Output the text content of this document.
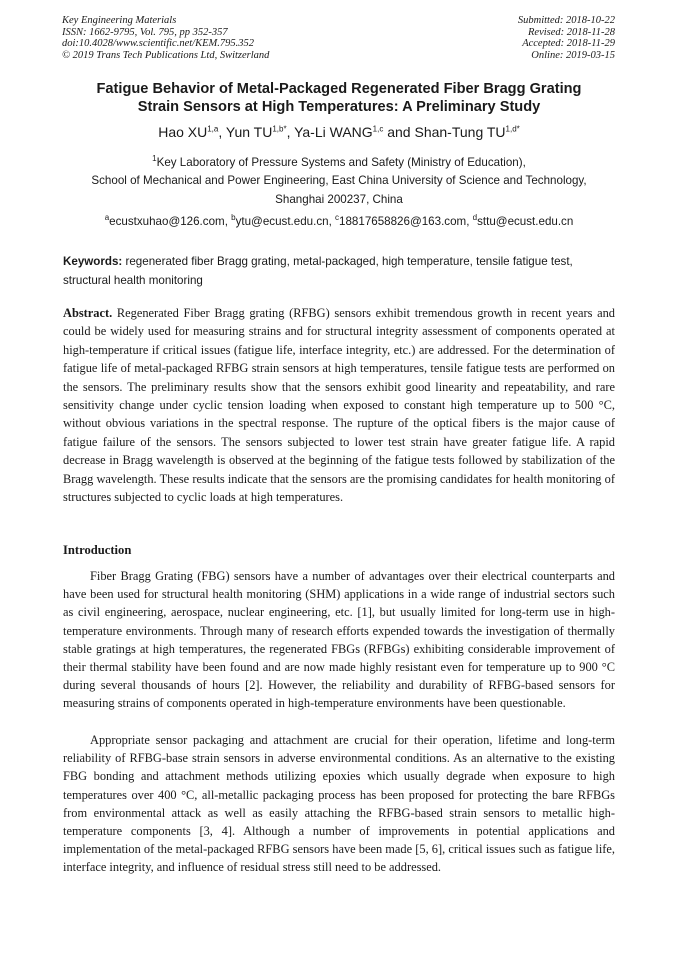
Key Engineering Materials
ISSN: 1662-9795, Vol. 795, pp 352-357
doi:10.4028/www.scientific.net/KEM.795.352
© 2019 Trans Tech Publications Ltd, Switzerland
Submitted: 2018-10-22
Revised: 2018-11-28
Accepted: 2018-11-29
Online: 2019-03-15
Fatigue Behavior of Metal-Packaged Regenerated Fiber Bragg Grating
Strain Sensors at High Temperatures: A Preliminary Study
Hao XU$^{1,a}$, Yun $TU^{1,b*}$, Ya-Li WANG$^{1,c}$ and Shan-Tung $TU^{1,d*}$
$^1$Key Laboratory of Pressure Systems and Safety (Ministry of Education),
School of Mechanical and Power Engineering, East China University of Science and Technology,
Shanghai 200237, China
$^a$ecustxuhao@126.com, $^b$ytu@ecust.edu.cn, $^c$18817658826@163.com, $^d$sttu@ecust.edu.cn
Keywords: regenerated fiber Bragg grating, metal-packaged, high temperature, tensile fatigue test, structural health monitoring
Abstract. Regenerated Fiber Bragg grating (RFBG) sensors exhibit tremendous growth in recent years and could be widely used for measuring strains and for structural integrity assessment of components operated at high-temperature if critical issues (fatigue life, interface integrity, etc.) are addressed. For the determination of fatigue life of metal-packaged RFBG strain sensors at high temperatures, tensile fatigue tests are performed on the sensors. The preliminary results show that the sensors exhibit good linearity and repeatability, and rare sensitivity change under cyclic tension loading when exposed to constant high temperature up to 500 °C, without obvious variations in the spectral response. The rupture of the optical fibers is the major cause of fatigue failure of the sensors. The sensors subjected to lower test strain have greater fatigue life. A rapid decrease in Bragg wavelength is observed at the beginning of the fatigue tests followed by stabilization of the Bragg wavelength. These results indicate that the sensors are the promising candidates for health monitoring of structures subjected to cyclic loads at high temperatures.
Introduction
Fiber Bragg Grating (FBG) sensors have a number of advantages over their electrical counterparts and have been used for structural health monitoring (SHM) applications in a wide range of industrial sectors such as civil engineering, aerospace, nuclear engineering, etc. [1], but usually limited for long-term use in high-temperature environments. Through many of research efforts expended towards the investigation of thermally stable gratings at high temperatures, the regenerated FBGs (RFBGs) exhibiting considerable improvement of their thermal stability have been found and are now made highly resistant even for temperature up to 900 °C during several thousands of hours [2]. However, the reliability and durability of RFBG-based sensors for measuring strains of components operated in high-temperature environments have been questionable.
Appropriate sensor packaging and attachment are crucial for their operation, lifetime and long-term reliability of RFBG-base strain sensors in adverse environmental conditions. As an alternative to the existing FBG bonding and attachment methods utilizing epoxies which usually degrade when exposure to high temperatures over 400 °C, all-metallic packaging process has been proposed for protecting the bare RFBGs from environmental attack as well as easily attaching the RFBG-based strain sensors to metallic high-temperature components [3, 4]. Although a number of improvements in potential applications and implementation of the metal-packaged RFBG sensors have been made [5, 6], critical issues such as fatigue life, interface integrity, and influence of residual stress still need to be addressed.
